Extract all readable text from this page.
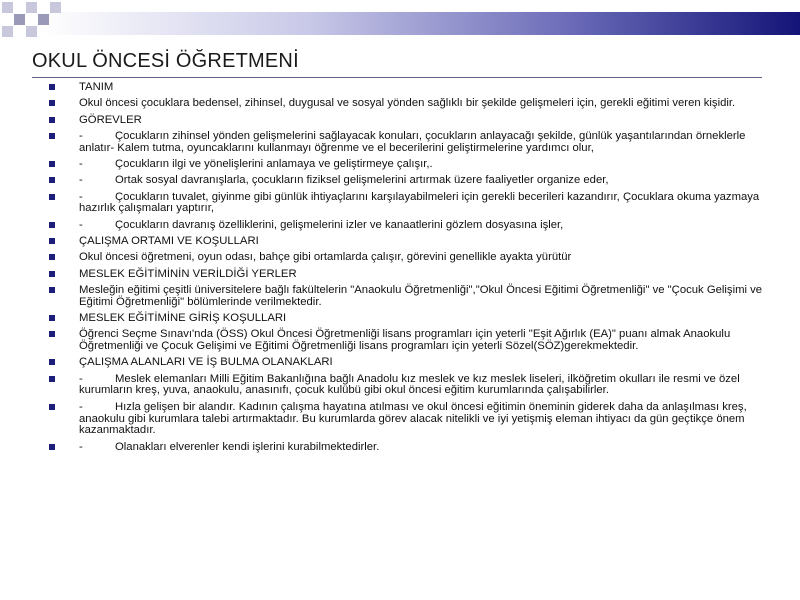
OKUL ÖNCESİ ÖĞRETMENİ
TANIM
Okul öncesi çocuklara bedensel, zihinsel, duygusal ve sosyal yönden sağlıklı bir şekilde gelişmeleri için, gerekli eğitimi veren kişidir.
GÖREVLER
-	Çocukların zihinsel yönden gelişmelerini sağlayacak konuları, çocukların anlayacağı şekilde, günlük yaşantılarından örneklerle anlatır- Kalem tutma, oyuncaklarını kullanmayı öğrenme ve el becerilerini geliştirmelerine yardımcı olur,
-	Çocukların ilgi ve yönelişlerini anlamaya ve geliştirmeye çalışır,.
-	Ortak sosyal davranışlarla, çocukların fiziksel gelişmelerini artırmak üzere faaliyetler organize eder,
-	Çocukların tuvalet, giyinme gibi günlük ihtiyaçlarını karşılayabilmeleri için gerekli becerileri kazandırır, Çocuklara okuma yazmaya hazırlık çalışmaları yaptırır,
-	Çocukların davranış özelliklerini, gelişmelerini izler ve kanaatlerini gözlem dosyasına işler,
ÇALIŞMA ORTAMI VE KOŞULLARI
Okul öncesi öğretmeni, oyun odası, bahçe gibi ortamlarda çalışır, görevini genellikle ayakta yürütür
MESLEK EĞİTİMİNİN VERİLDİĞİ YERLER
Mesleğin eğitimi çeşitli üniversitelere bağlı fakültelerin "Anaokulu Öğretmenliği","Okul Öncesi Eğitimi Öğretmenliği" ve "Çocuk Gelişimi ve Eğitimi Öğretmenliği" bölümlerinde verilmektedir.
MESLEK EĞİTİMİNE GİRİŞ KOŞULLARI
Öğrenci Seçme Sınavı'nda (ÖSS) Okul Öncesi Öğretmenliği lisans programları için yeterli "Eşit Ağırlık (EA)" puanı almak Anaokulu Öğretmenliği ve Çocuk Gelişimi ve Eğitimi Öğretmenliği lisans programları için yeterli Sözel(SÖZ)gerekmektedir.
ÇALIŞMA ALANLARI VE İŞ BULMA OLANAKLARI
-	Meslek elemanları Milli Eğitim Bakanlığına bağlı Anadolu kız meslek ve kız meslek liseleri, ilköğretim okulları ile resmi ve özel kurumların kreş, yuva, anaokulu, anasınıfı, çocuk kulübü gibi okul öncesi eğitim kurumlarında çalışabilirler.
-	Hızla gelişen bir alandır. Kadının çalışma hayatına atılması ve okul öncesi eğitimin öneminin giderek daha da anlaşılması kreş, anaokulu gibi kurumlara talebi artırmaktadır. Bu kurumlarda görev alacak nitelikli ve iyi yetişmiş eleman ihtiyacı da gün geçtikçe önem kazanmaktadır.
-	Olanakları elverenler kendi işlerini kurabilmektedirler.
